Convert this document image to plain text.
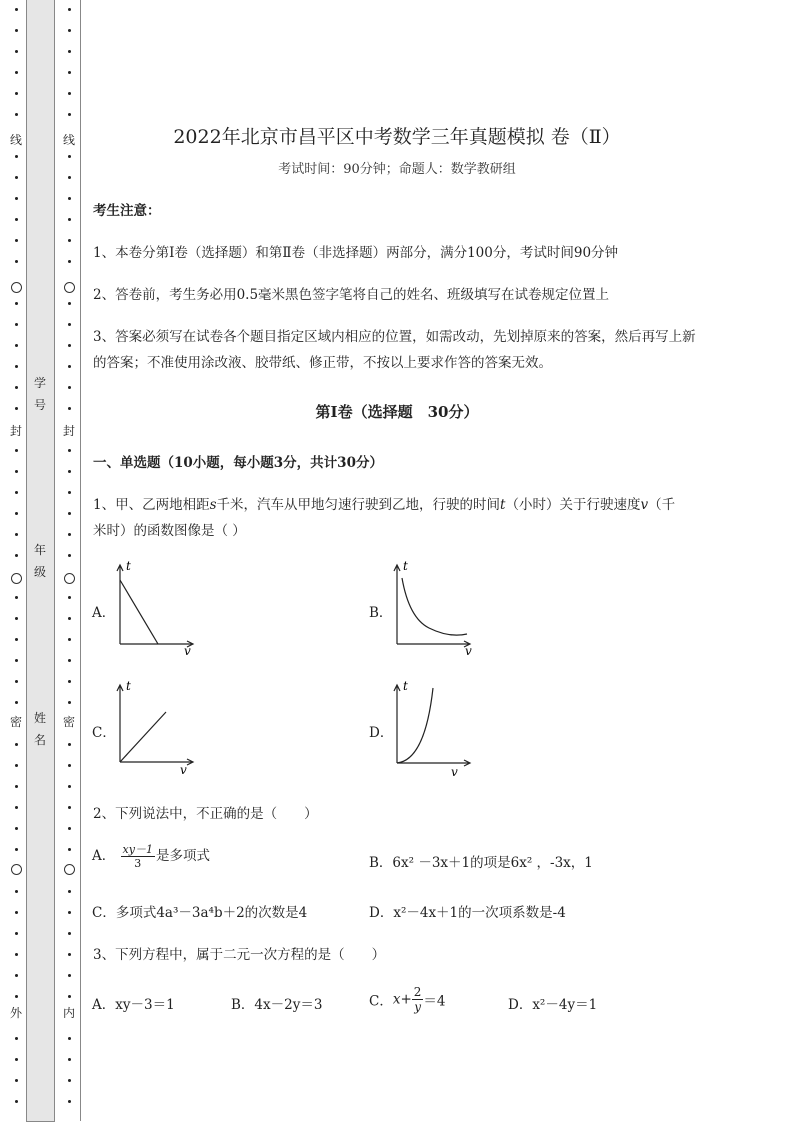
线
封
密
外
线
封
密
内
学号
年级
姓名
2022年北京市昌平区中考数学三年真题模拟 卷（Ⅱ）
考试时间：90分钟；命题人：数学教研组
考生注意：
1、本卷分第Ⅰ卷（选择题）和第Ⅱ卷（非选择题）两部分，满分100分，考试时间90分钟
2、答卷前，考生务必用0.5毫米黑色签字笔将自己的姓名、班级填写在试卷规定位置上
3、答案必须写在试卷各个题目指定区域内相应的位置，如需改动，先划掉原来的答案，然后再写上新
的答案；不准使用涂改液、胶带纸、修正带，不按以上要求作答的答案无效。
第Ⅰ卷（选择题　30分）
一、单选题（10小题，每小题3分，共计30分）
1、甲、乙两地相距s千米，汽车从甲地匀速行驶到乙地，行驶的时间t（小时）关于行驶速度v（千
米时）的函数图像是（ ）
A．	B．
C．	D．
t
v
t
v
t
v
t
v
2、下列说法中，不正确的是（　　）
A． $\frac{xy-1}{3}$ 是多项式	B．6x² －3x＋1的项是6x² ，-3x，1
C．多项式4a³－3a⁴b＋2的次数是4	D．x²－4x＋1的一次项系数是-4
3、下列方程中，属于二元一次方程的是（　　）
A．xy－3＝1	B．4x－2y＝3	C．$x+ \frac{2}{y} =4$	D．x²－4y＝1
